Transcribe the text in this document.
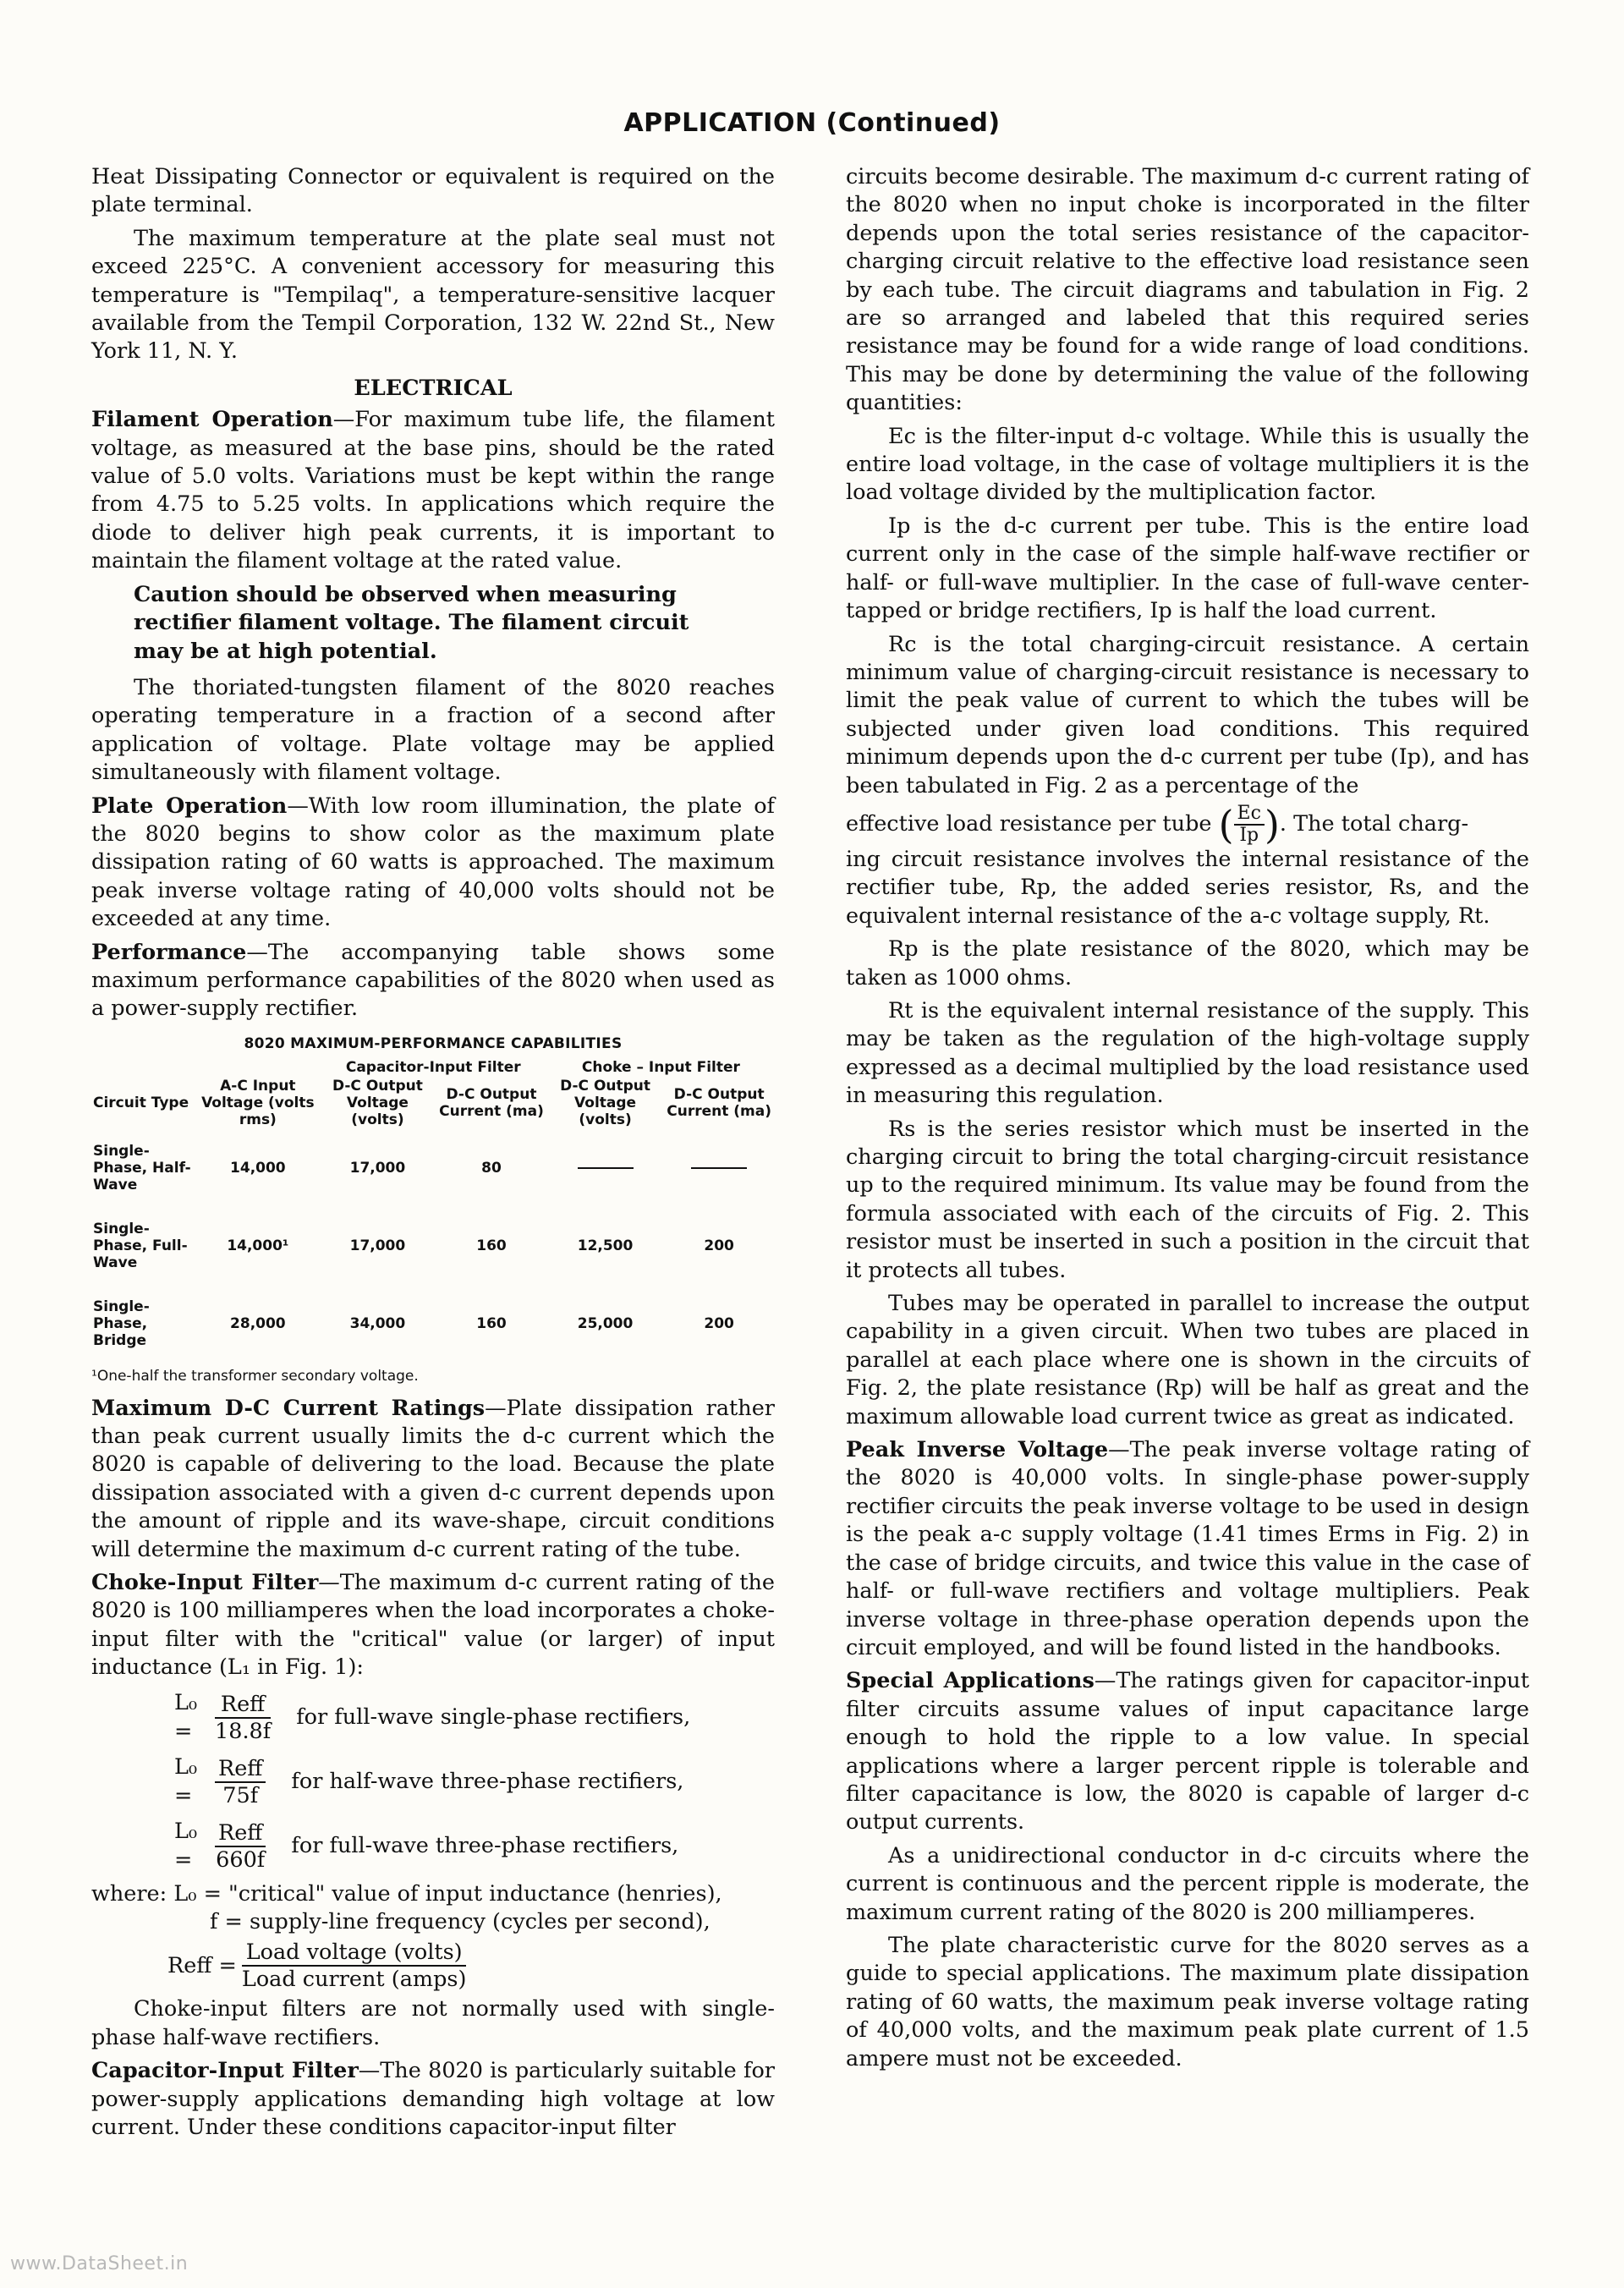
APPLICATION (Continued)

Heat Dissipating Connector or equivalent is required on the plate terminal.

The maximum temperature at the plate seal must not exceed 225°C. A convenient accessory for measuring this temperature is "Tempilaq", a temperature-sensitive lacquer available from the Tempil Corporation, 132 W. 22nd St., New York 11, N. Y.

ELECTRICAL

Filament Operation—For maximum tube life, the filament voltage, as measured at the base pins, should be the rated value of 5.0 volts. Variations must be kept within the range from 4.75 to 5.25 volts. In applications which require the diode to deliver high peak currents, it is important to maintain the filament voltage at the rated value.

Caution should be observed when measuring rectifier filament voltage. The filament circuit may be at high potential.

The thoriated-tungsten filament of the 8020 reaches operating temperature in a fraction of a second after application of voltage. Plate voltage may be applied simultaneously with filament voltage.

Plate Operation—With low room illumination, the plate of the 8020 begins to show color as the maximum plate dissipation rating of 60 watts is approached. The maximum peak inverse voltage rating of 40,000 volts should not be exceeded at any time.

Performance—The accompanying table shows some maximum performance capabilities of the 8020 when used as a power-supply rectifier.

8020 MAXIMUM-PERFORMANCE CAPABILITIES
		Capacitor-Input Filter		Choke – Input Filter	
Circuit Type	A-C Input Voltage (volts rms)	D-C Output Voltage (volts)	D-C Output Current (ma)	D-C Output Voltage (volts)	D-C Output Current (ma)
Single-Phase, Half-Wave	14,000	17,000	80		
Single-Phase, Full-Wave	14,000¹	17,000	160	12,500	200
Single-Phase, Bridge	28,000	34,000	160	25,000	200
¹One-half the transformer secondary voltage.

Maximum D-C Current Ratings—Plate dissipation rather than peak current usually limits the d-c current which the 8020 is capable of delivering to the load. Because the plate dissipation associated with a given d-c current depends upon the amount of ripple and its wave-shape, circuit conditions will determine the maximum d-c current rating of the tube.

Choke-Input Filter—The maximum d-c current rating of the 8020 is 100 milliamperes when the load incorporates a choke-input filter with the "critical" value (or larger) of input inductance (L₁ in Fig. 1):

L₀ =	$\frac{\text{Reff}}{18.8f}$ for full-wave single-phase rectifiers,
L₀ =	$\frac{\text{Reff}}{75f}$ for half-wave three-phase rectifiers,
L₀ =	$\frac{\text{Reff}}{660f}$ for full-wave three-phase rectifiers,
where: L₀ = "critical" value of input inductance (henries),
f = supply-line frequency (cycles per second),
Reff = $\frac{\text{Load voltage (volts)}}{\text{Load current (amps)}}$

Choke-input filters are not normally used with single-phase half-wave rectifiers.

Capacitor-Input Filter—The 8020 is particularly suitable for power-supply applications demanding high voltage at low current. Under these conditions capacitor-input filter

circuits become desirable. The maximum d-c current rating of the 8020 when no input choke is incorporated in the filter depends upon the total series resistance of the capacitor-charging circuit relative to the effective load resistance seen by each tube. The circuit diagrams and tabulation in Fig. 2 are so arranged and labeled that this required series resistance may be found for a wide range of load conditions. This may be done by determining the value of the following quantities:

Ec is the filter-input d-c voltage. While this is usually the entire load voltage, in the case of voltage multipliers it is the load voltage divided by the multiplication factor.

Ip is the d-c current per tube. This is the entire load current only in the case of the simple half-wave rectifier or half- or full-wave multiplier. In the case of full-wave center-tapped or bridge rectifiers, Ip is half the load current.

Rc is the total charging-circuit resistance. A certain minimum value of charging-circuit resistance is necessary to limit the peak value of current to which the tubes will be subjected under given load conditions. This required minimum depends upon the d-c current per tube (Ip), and has been tabulated in Fig. 2 as a percentage of the

effective load resistance per tube ( $\frac{Ec}{Ip}$). The total charg-

ing circuit resistance involves the internal resistance of the rectifier tube, Rp, the added series resistor, Rs, and the equivalent internal resistance of the a-c voltage supply, Rt.

Rp is the plate resistance of the 8020, which may be taken as 1000 ohms.

Rt is the equivalent internal resistance of the supply. This may be taken as the regulation of the high-voltage supply expressed as a decimal multiplied by the load resistance used in measuring this regulation.

Rs is the series resistor which must be inserted in the charging circuit to bring the total charging-circuit resistance up to the required minimum. Its value may be found from the formula associated with each of the circuits of Fig. 2. This resistor must be inserted in such a position in the circuit that it protects all tubes.

Tubes may be operated in parallel to increase the output capability in a given circuit. When two tubes are placed in parallel at each place where one is shown in the circuits of Fig. 2, the plate resistance (Rp) will be half as great and the maximum allowable load current twice as great as indicated.

Peak Inverse Voltage—The peak inverse voltage rating of the 8020 is 40,000 volts. In single-phase power-supply rectifier circuits the peak inverse voltage to be used in design is the peak a-c supply voltage (1.41 times Erms in Fig. 2) in the case of bridge circuits, and twice this value in the case of half- or full-wave rectifiers and voltage multipliers. Peak inverse voltage in three-phase operation depends upon the circuit employed, and will be found listed in the handbooks.

Special Applications—The ratings given for capacitor-input filter circuits assume values of input capacitance large enough to hold the ripple to a low value. In special applications where a larger percent ripple is tolerable and filter capacitance is low, the 8020 is capable of larger d-c output currents.

As a unidirectional conductor in d-c circuits where the current is continuous and the percent ripple is moderate, the maximum current rating of the 8020 is 200 milliamperes.

The plate characteristic curve for the 8020 serves as a guide to special applications. The maximum plate dissipation rating of 60 watts, the maximum peak inverse voltage rating of 40,000 volts, and the maximum peak plate current of 1.5 ampere must not be exceeded.

www.DataSheet.in
